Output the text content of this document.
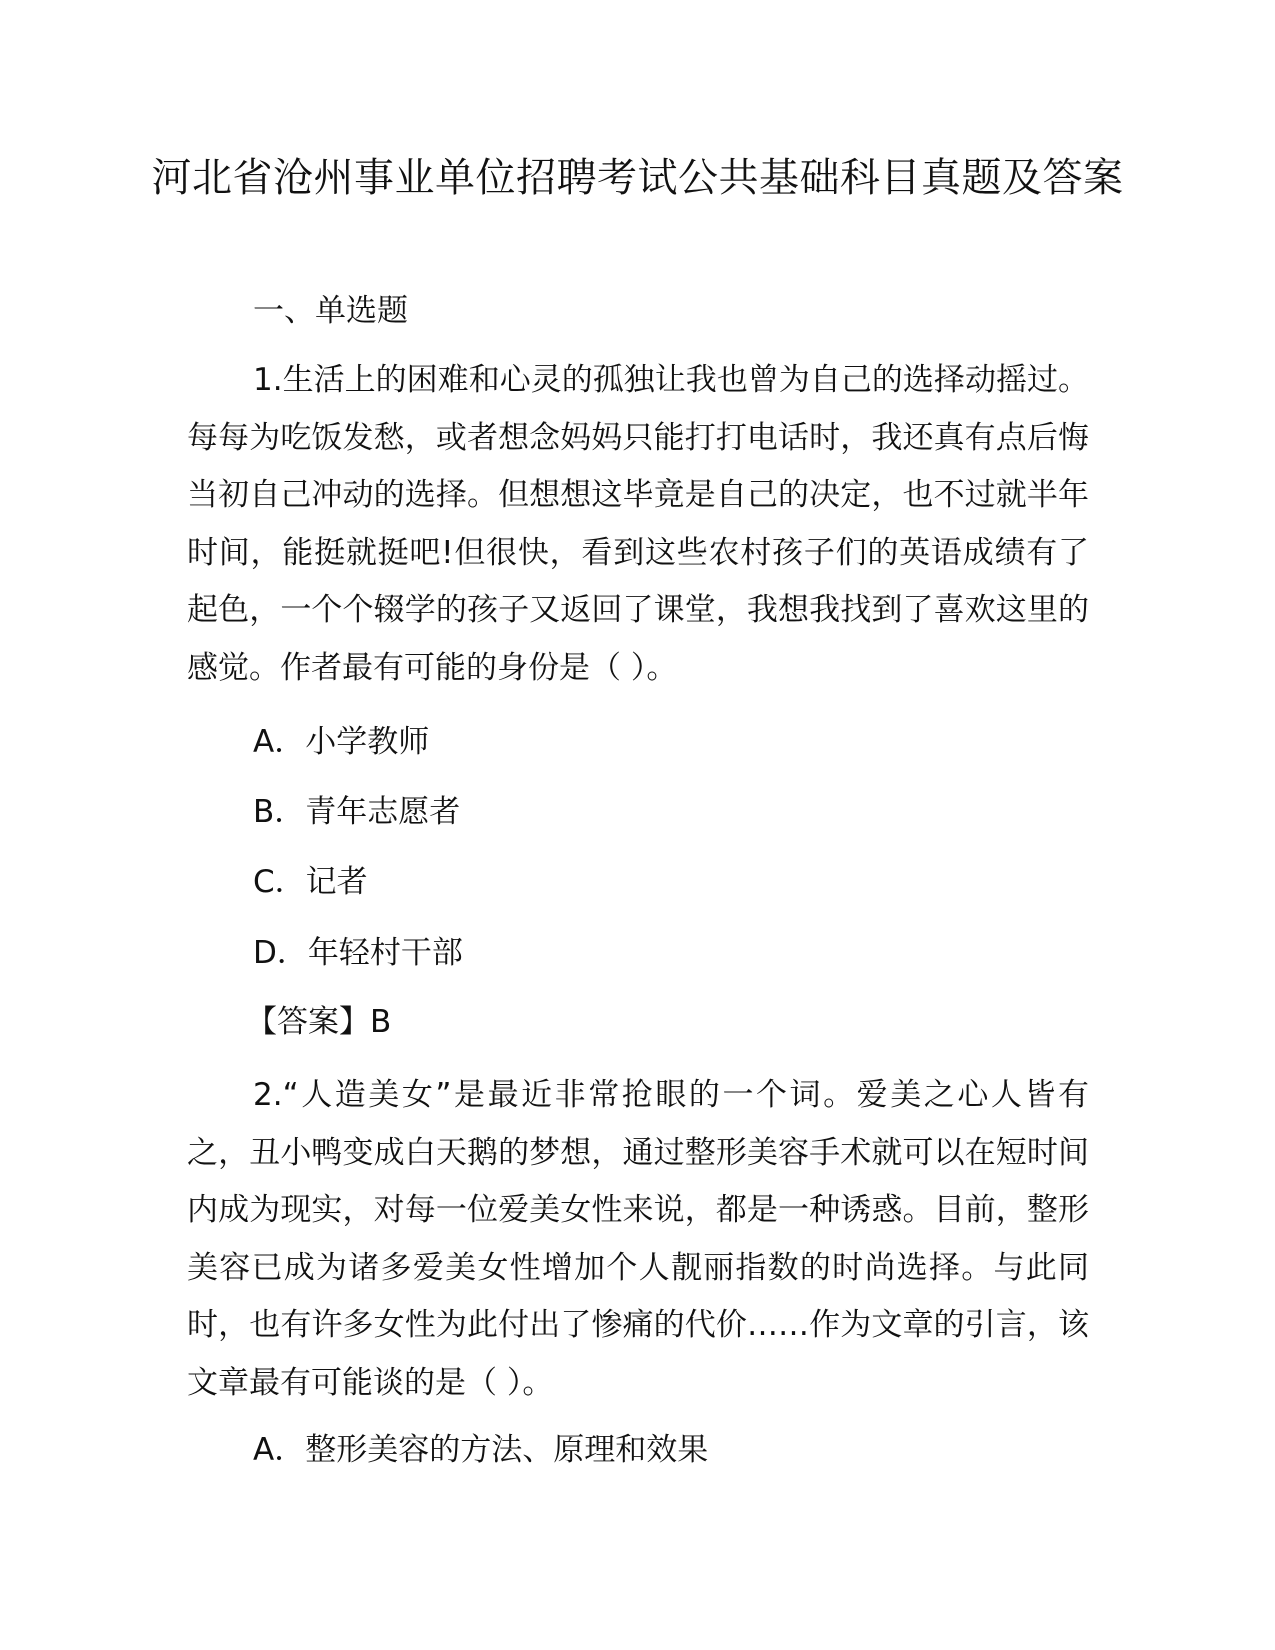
河北省沧州事业单位招聘考试公共基础科目真题及答案

一、单选题

1.生活上的困难和心灵的孤独让我也曾为自己的选择动摇过。每每为吃饭发愁，或者想念妈妈只能打打电话时，我还真有点后悔当初自己冲动的选择。但想想这毕竟是自己的决定，也不过就半年时间，能挺就挺吧!但很快，看到这些农村孩子们的英语成绩有了起色，一个个辍学的孩子又返回了课堂，我想我找到了喜欢这里的感觉。作者最有可能的身份是（ ）。

A．小学教师

B．青年志愿者

C．记者

D．年轻村干部

【答案】B

2.“人造美女”是最近非常抢眼的一个词。爱美之心人皆有之，丑小鸭变成白天鹅的梦想，通过整形美容手术就可以在短时间内成为现实，对每一位爱美女性来说，都是一种诱惑。目前，整形美容已成为诸多爱美女性增加个人靓丽指数的时尚选择。与此同时，也有许多女性为此付出了惨痛的代价……作为文章的引言，该文章最有可能谈的是（ ）。

A．整形美容的方法、原理和效果
